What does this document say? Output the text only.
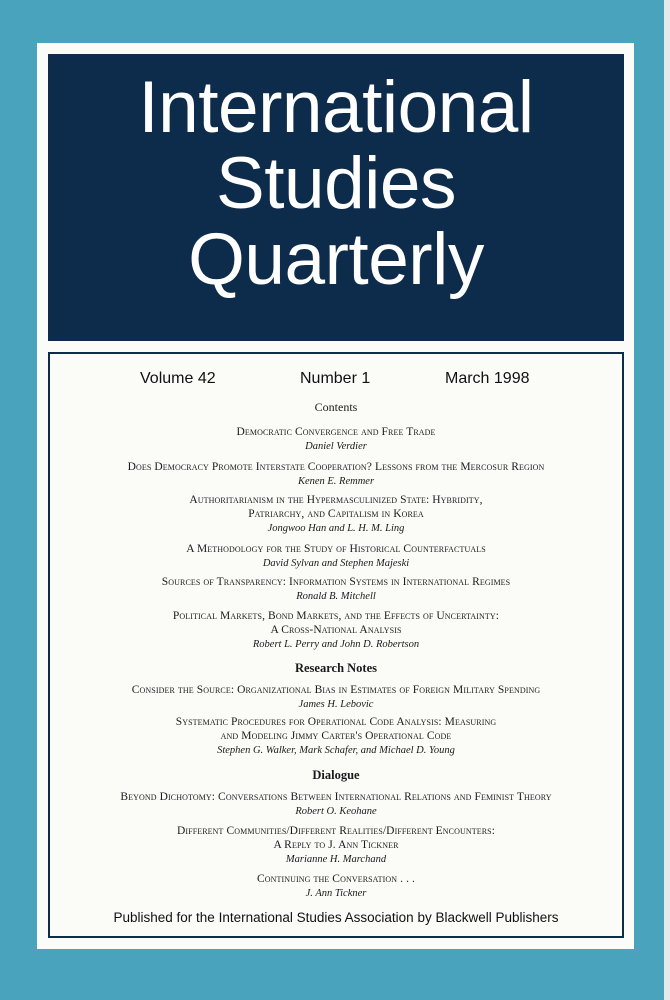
International
Studies
Quarterly
Volume 42	Number 1	March 1998
Contents
Democratic Convergence and Free Trade
Daniel Verdier
Does Democracy Promote Interstate Cooperation? Lessons from the Mercosur Region
Kenen E. Remmer
Authoritarianism in the Hypermasculinized State: Hybridity,
Patriarchy, and Capitalism in Korea
Jongwoo Han and L. H. M. Ling
A Methodology for the Study of Historical Counterfactuals
David Sylvan and Stephen Majeski
Sources of Transparency: Information Systems in International Regimes
Ronald B. Mitchell
Political Markets, Bond Markets, and the Effects of Uncertainty:
A Cross-National Analysis
Robert L. Perry and John D. Robertson
Research Notes
Consider the Source: Organizational Bias in Estimates of Foreign Military Spending
James H. Lebovic
Systematic Procedures for Operational Code Analysis: Measuring
and Modeling Jimmy Carter's Operational Code
Stephen G. Walker, Mark Schafer, and Michael D. Young
Dialogue
Beyond Dichotomy: Conversations Between International Relations and Feminist Theory
Robert O. Keohane
Different Communities/Different Realities/Different Encounters:
A Reply to J. Ann Tickner
Marianne H. Marchand
Continuing the Conversation . . .
J. Ann Tickner
Published for the International Studies Association by Blackwell Publishers
